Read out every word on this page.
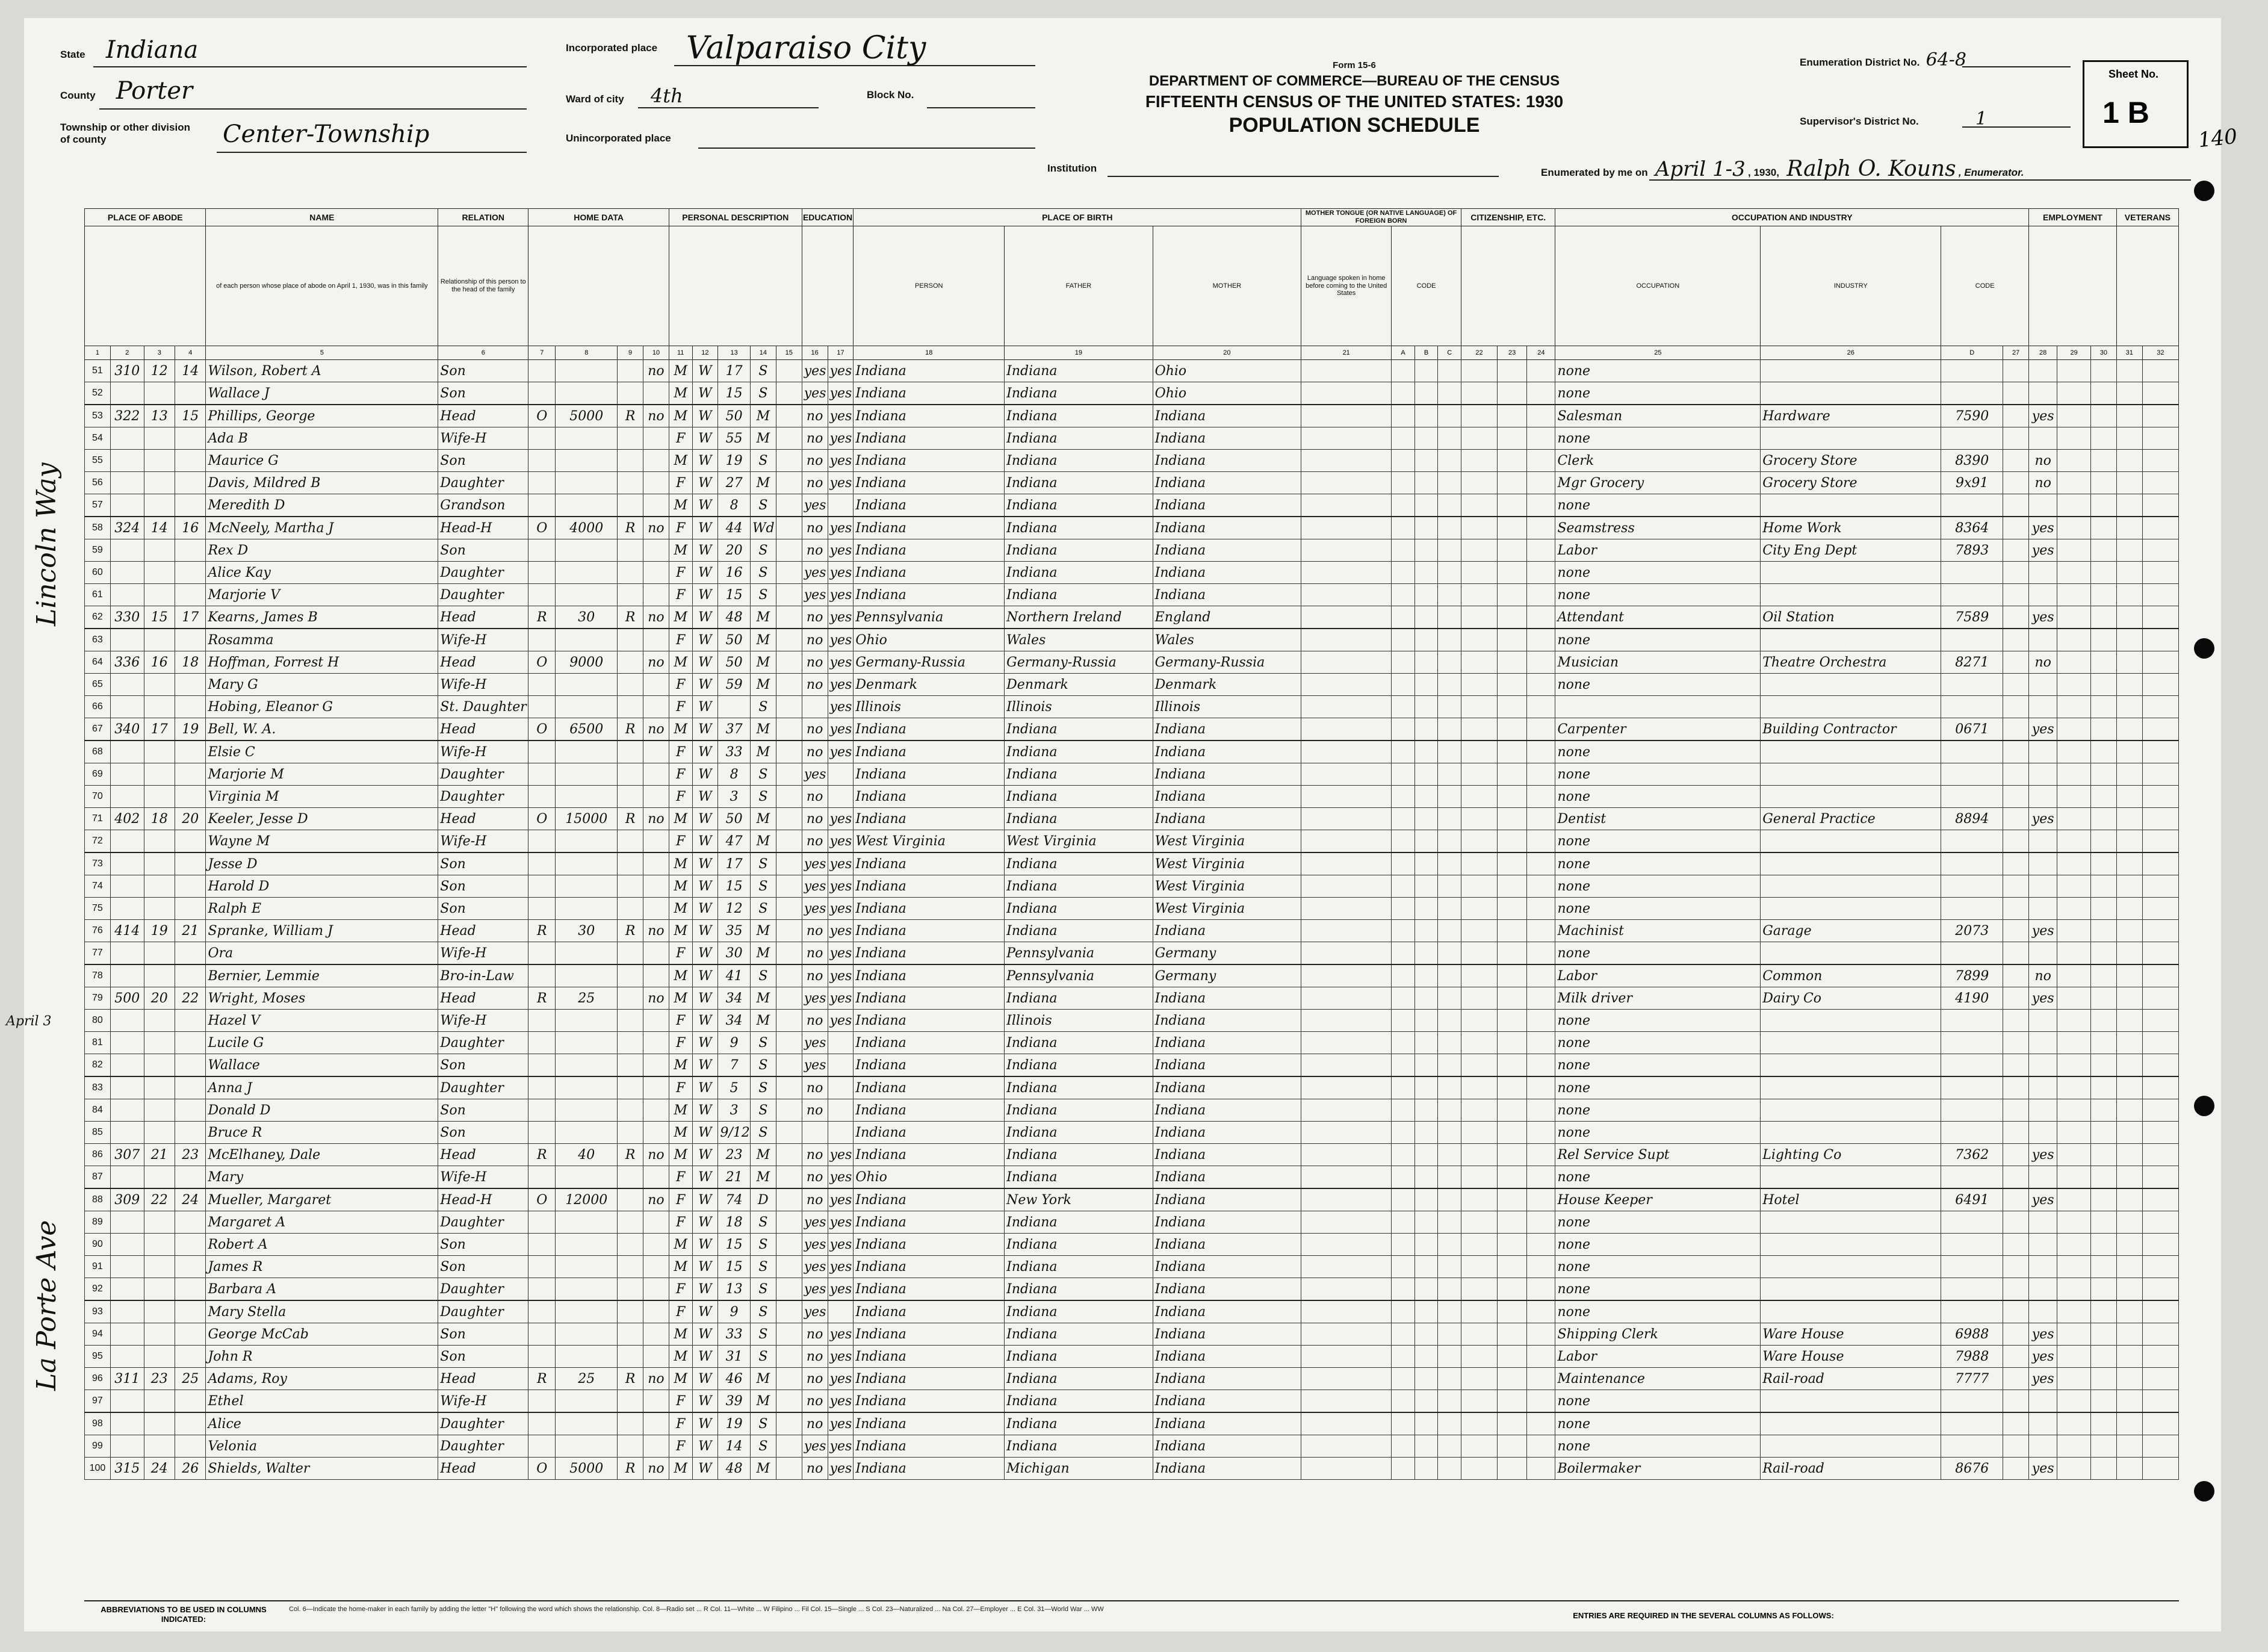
State Indiana
County Porter
Township or other division of county	Center-Township
Incorporated place Valparaiso City
Ward of city 4th	Block No.
Unincorporated place
Form 15-6
DEPARTMENT OF COMMERCE—BUREAU OF THE CENSUS
FIFTEENTH CENSUS OF THE UNITED STATES: 1930
POPULATION SCHEDULE
Institution
Enumeration District No. 64-8
Supervisor's District No.	1
Enumerated by me on April 1-3 , 1930, Ralph O. Kouns , Enumerator.
Sheet No.
1 B
140
Lincoln Way
La Porte Ave
April 3
PLACE OF ABODE				NAME	RELATION	HOME DATA				PERSONAL DESCRIPTION					EDUCATION		PLACE OF BIRTH			MOTHER TONGUE (OR NATIVE LANGUAGE) OF FOREIGN BORN				CITIZENSHIP, ETC.			OCCUPATION AND INDUSTRY				EMPLOYMENT			VETERANS	
				of each person whose place of abode on April 1, 1930, was in this family	Relationship of this person to the head of the family												PERSON	FATHER	MOTHER	Language spoken in home before coming to the United States	CODE						OCCUPATION	INDUSTRY	CODE						
1	2	3	4	5	6	7	8	9	10	11	12	13	14	15	16	17	18	19	20	21	A	B	C	22	23	24	25	26	D	27	28	29	30	31	32
51	310	12	14	Wilson, Robert A	Son				no	M	W	17	S		yes	yes	Indiana	Indiana	Ohio								none								
52				Wallace J	Son					M	W	15	S		yes	yes	Indiana	Indiana	Ohio								none								
53	322	13	15	Phillips, George	Head	O	5000	R	no	M	W	50	M		no	yes	Indiana	Indiana	Indiana								Salesman	Hardware	7590		yes				
54				Ada B	Wife-H					F	W	55	M		no	yes	Indiana	Indiana	Indiana								none								
55				Maurice G	Son					M	W	19	S		no	yes	Indiana	Indiana	Indiana								Clerk	Grocery Store	8390		no				
56				Davis, Mildred B	Daughter					F	W	27	M		no	yes	Indiana	Indiana	Indiana								Mgr Grocery	Grocery Store	9x91		no				
57				Meredith D	Grandson					M	W	8	S		yes		Indiana	Indiana	Indiana								none								
58	324	14	16	McNeely, Martha J	Head-H	O	4000	R	no	F	W	44	Wd		no	yes	Indiana	Indiana	Indiana								Seamstress	Home Work	8364		yes				
59				Rex D	Son					M	W	20	S		no	yes	Indiana	Indiana	Indiana								Labor	City Eng Dept	7893		yes				
60				Alice Kay	Daughter					F	W	16	S		yes	yes	Indiana	Indiana	Indiana								none								
61				Marjorie V	Daughter					F	W	15	S		yes	yes	Indiana	Indiana	Indiana								none								
62	330	15	17	Kearns, James B	Head	R	30	R	no	M	W	48	M		no	yes	Pennsylvania	Northern Ireland	England								Attendant	Oil Station	7589		yes				
63				Rosamma	Wife-H					F	W	50	M		no	yes	Ohio	Wales	Wales								none								
64	336	16	18	Hoffman, Forrest H	Head	O	9000		no	M	W	50	M		no	yes	Germany-Russia	Germany-Russia	Germany-Russia								Musician	Theatre Orchestra	8271		no				
65				Mary G	Wife-H					F	W	59	M		no	yes	Denmark	Denmark	Denmark								none								
66				Hobing, Eleanor G	St. Daughter					F	W		S			yes	Illinois	Illinois	Illinois																
67	340	17	19	Bell, W. A.	Head	O	6500	R	no	M	W	37	M		no	yes	Indiana	Indiana	Indiana								Carpenter	Building Contractor	0671		yes				
68				Elsie C	Wife-H					F	W	33	M		no	yes	Indiana	Indiana	Indiana								none								
69				Marjorie M	Daughter					F	W	8	S		yes		Indiana	Indiana	Indiana								none								
70				Virginia M	Daughter					F	W	3	S		no		Indiana	Indiana	Indiana								none								
71	402	18	20	Keeler, Jesse D	Head	O	15000	R	no	M	W	50	M		no	yes	Indiana	Indiana	Indiana								Dentist	General Practice	8894		yes				
72				Wayne M	Wife-H					F	W	47	M		no	yes	West Virginia	West Virginia	West Virginia								none								
73				Jesse D	Son					M	W	17	S		yes	yes	Indiana	Indiana	West Virginia								none								
74				Harold D	Son					M	W	15	S		yes	yes	Indiana	Indiana	West Virginia								none								
75				Ralph E	Son					M	W	12	S		yes	yes	Indiana	Indiana	West Virginia								none								
76	414	19	21	Spranke, William J	Head	R	30	R	no	M	W	35	M		no	yes	Indiana	Indiana	Indiana								Machinist	Garage	2073		yes				
77				Ora	Wife-H					F	W	30	M		no	yes	Indiana	Pennsylvania	Germany								none								
78				Bernier, Lemmie	Bro-in-Law					M	W	41	S		no	yes	Indiana	Pennsylvania	Germany								Labor	Common	7899		no				
79	500	20	22	Wright, Moses	Head	R	25		no	M	W	34	M		yes	yes	Indiana	Indiana	Indiana								Milk driver	Dairy Co	4190		yes				
80				Hazel V	Wife-H					F	W	34	M		no	yes	Indiana	Illinois	Indiana								none								
81				Lucile G	Daughter					F	W	9	S		yes		Indiana	Indiana	Indiana								none								
82				Wallace	Son					M	W	7	S		yes		Indiana	Indiana	Indiana								none								
83				Anna J	Daughter					F	W	5	S		no		Indiana	Indiana	Indiana								none								
84				Donald D	Son					M	W	3	S		no		Indiana	Indiana	Indiana								none								
85				Bruce R	Son					M	W	9/12	S				Indiana	Indiana	Indiana								none								
86	307	21	23	McElhaney, Dale	Head	R	40	R	no	M	W	23	M		no	yes	Indiana	Indiana	Indiana								Rel Service Supt	Lighting Co	7362		yes				
87				Mary	Wife-H					F	W	21	M		no	yes	Ohio	Indiana	Indiana								none								
88	309	22	24	Mueller, Margaret	Head-H	O	12000		no	F	W	74	D		no	yes	Indiana	New York	Indiana								House Keeper	Hotel	6491		yes				
89				Margaret A	Daughter					F	W	18	S		yes	yes	Indiana	Indiana	Indiana								none								
90				Robert A	Son					M	W	15	S		yes	yes	Indiana	Indiana	Indiana								none								
91				James R	Son					M	W	15	S		yes	yes	Indiana	Indiana	Indiana								none								
92				Barbara A	Daughter					F	W	13	S		yes	yes	Indiana	Indiana	Indiana								none								
93				Mary Stella	Daughter					F	W	9	S		yes		Indiana	Indiana	Indiana								none								
94				George McCab	Son					M	W	33	S		no	yes	Indiana	Indiana	Indiana								Shipping Clerk	Ware House	6988		yes				
95				John R	Son					M	W	31	S		no	yes	Indiana	Indiana	Indiana								Labor	Ware House	7988		yes				
96	311	23	25	Adams, Roy	Head	R	25	R	no	M	W	46	M		no	yes	Indiana	Indiana	Indiana								Maintenance	Rail-road	7777		yes				
97				Ethel	Wife-H					F	W	39	M		no	yes	Indiana	Indiana	Indiana								none								
98				Alice	Daughter					F	W	19	S		no	yes	Indiana	Indiana	Indiana								none								
99				Velonia	Daughter					F	W	14	S		yes	yes	Indiana	Indiana	Indiana								none								
100	315	24	26	Shields, Walter	Head	O	5000	R	no	M	W	48	M		no	yes	Indiana	Michigan	Indiana								Boilermaker	Rail-road	8676		yes				
ABBREVIATIONS TO BE USED IN COLUMNS INDICATED:
Col. 6—Indicate the home-maker in each family by adding the letter "H" following the word which shows the relationship. Col. 8—Radio set ... R Col. 11—White ... W Filipino ... Fil Col. 15—Single ... S Col. 23—Naturalized ... Na Col. 27—Employer ... E Col. 31—World War ... WW
ENTRIES ARE REQUIRED IN THE SEVERAL COLUMNS AS FOLLOWS:
